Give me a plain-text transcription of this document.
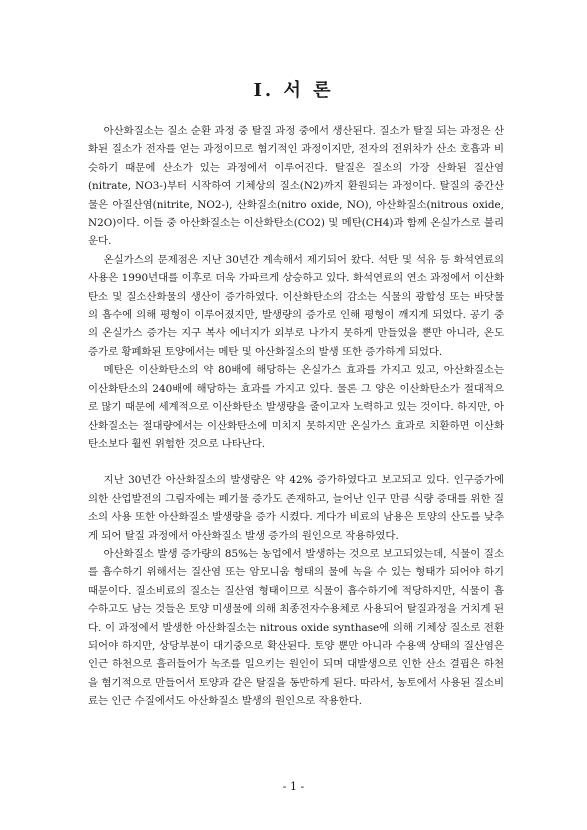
I. 서 론

아산화질소는 질소 순환 과정 중 탈질 과정 중에서 생산된다. 질소가 탈질 되는 과정은 산화된 질소가 전자를 얻는 과정이므로 혐기적인 과정이지만, 전자의 전위차가 산소 호흡과 비슷하기 때문에 산소가 있는 과정에서 이루어진다. 탈질은 질소의 가장 산화된 질산염(nitrate, NO3-)부터 시작하여 기체상의 질소(N2)까지 환원되는 과정이다. 탈질의 중간산물은 아질산염(nitrite, NO2-), 산화질소(nitro oxide, NO), 아산화질소(nitrous oxide, N2O)이다. 이들 중 아산화질소는 이산화탄소(CO2) 및 메탄(CH4)과 함께 온실가스로 불리운다.

온실가스의 문제점은 지난 30년간 계속해서 제기되어 왔다. 석탄 및 석유 등 화석연료의 사용은 1990년대를 이후로 더욱 가파르게 상승하고 있다. 화석연료의 연소 과정에서 이산화탄소 및 질소산화물의 생산이 증가하였다. 이산화탄소의 감소는 식물의 광합성 또는 바닷물의 흡수에 의해 평형이 이루어졌지만, 발생량의 증가로 인해 평형이 깨지게 되었다. 공기 중의 온실가스 증가는 지구 복사 에너지가 외부로 나가지 못하게 만들었을 뿐만 아니라, 온도 증가로 황폐화된 토양에서는 메탄 및 아산화질소의 발생 또한 증가하게 되었다.

메탄은 이산화탄소의 약 80배에 해당하는 온실가스 효과를 가지고 있고, 아산화질소는 이산화탄소의 240배에 해당하는 효과를 가지고 있다. 물론 그 양은 이산화탄소가 절대적으로 많기 때문에 세계적으로 이산화탄소 발생량을 줄이고자 노력하고 있는 것이다. 하지만, 아산화질소는 절대량에서는 이산화탄소에 미치지 못하지만 온실가스 효과로 치환하면 이산화탄소보다 훨씬 위험한 것으로 나타난다.

지난 30년간 아산화질소의 발생량은 약 42% 증가하였다고 보고되고 있다. 인구증가에 의한 산업발전의 그림자에는 폐기물 증가도 존재하고, 늘어난 인구 만큼 식량 증대를 위한 질소의 사용 또한 아산화질소 발생량을 증가 시켰다. 게다가 비료의 남용은 토양의 산도를 낮추게 되어 탈질 과정에서 아산화질소 발생 증가의 원인으로 작용하였다.

아산화질소 발생 증가량의 85%는 농업에서 발생하는 것으로 보고되었는데, 식물이 질소를 흡수하기 위해서는 질산염 또는 암모니움 형태의 물에 녹을 수 있는 형태가 되어야 하기 때문이다. 질소비료의 질소는 질산염 형태이므로 식물이 흡수하기에 적당하지만, 식물이 흡수하고도 남는 것들은 토양 미생물에 의해 최종전자수용체로 사용되어 탈질과정을 거치게 된다. 이 과정에서 발생한 아산화질소는 nitrous oxide synthase에 의해 기체상 질소로 전환되어야 하지만, 상당부분이 대기중으로 확산된다. 토양 뿐만 아니라 수용액 상태의 질산염은 인근 하천으로 흘러들어가 녹조를 일으키는 원인이 되며 대발생으로 인한 산소 결핍은 하천을 혐기적으로 만들어서 토양과 같은 탈질을 동반하게 된다. 따라서, 농토에서 사용된 질소비료는 인근 수질에서도 아산화질소 발생의 원인으로 작용한다.

- 1 -
